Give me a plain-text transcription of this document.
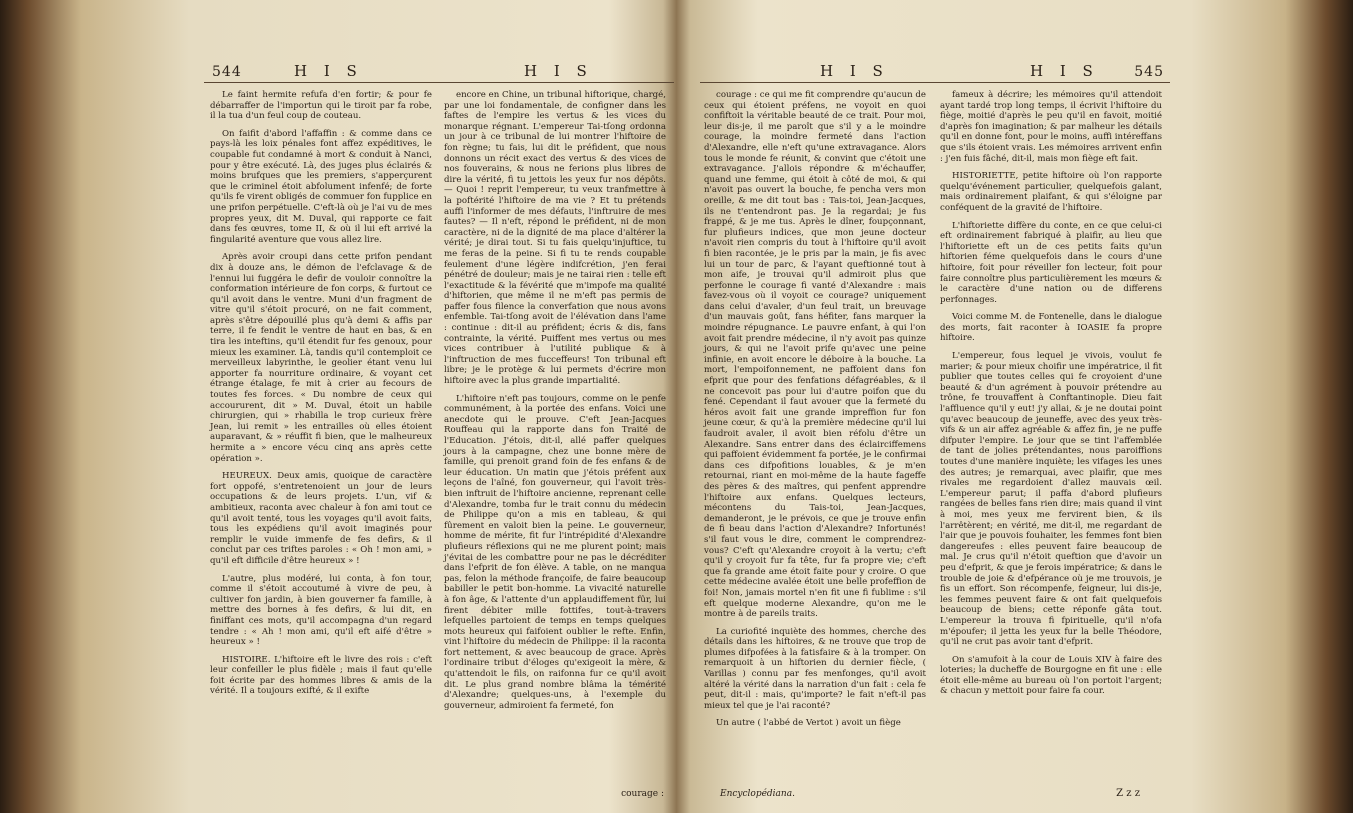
544	H I S	H I S

Le faint hermite refufa d'en fortir; & pour fe débarraffer de l'importun qui le tiroit par fa robe, il la tua d'un feul coup de couteau.

On faifit d'abord l'affaffin : & comme dans ce pays-là les loix pénales font affez expéditives, le coupable fut condamné à mort & conduit à Nanci, pour y être exécuté. Là, des juges plus éclairés & moins brufques que les premiers, s'apperçurent que le criminel étoit abfolument infenfé; de forte qu'ils fe virent obligés de commuer fon fupplice en une prifon perpétuelle. C'eft-là où je l'ai vu de mes propres yeux, dit M. Duval, qui rapporte ce fait dans fes œuvres, tome II, & où il lui eft arrivé la fingularité aventure que vous allez lire.

Après avoir croupi dans cette prifon pendant dix à douze ans, le démon de l'efclavage & de l'ennui lui fuggéra le defir de vouloir connoître la conformation intérieure de fon corps, & furtout ce qu'il avoit dans le ventre. Muni d'un fragment de vitre qu'il s'étoit procuré, on ne fait comment, après s'être dépouillé plus qu'à demi & affis par terre, il fe fendit le ventre de haut en bas, & en tira les inteftins, qu'il étendit fur fes genoux, pour mieux les examiner. Là, tandis qu'il contemploit ce merveilleux labyrinthe, le geolier étant venu lui apporter fa nourriture ordinaire, & voyant cet étrange étalage, fe mit à crier au fecours de toutes fes forces. « Du nombre de ceux qui accoururent, dit » M. Duval, étoit un habile chirurgien, qui » rhabilla le trop curieux frère Jean, lui remit » les entrailles où elles étoient auparavant, & » réuffit fi bien, que le malheureux hermite a » encore vécu cinq ans après cette opération ».

HEUREUX. Deux amis, quoique de caractère fort oppofé, s'entretenoient un jour de leurs occupations & de leurs projets. L'un, vif & ambitieux, raconta avec chaleur à fon ami tout ce qu'il avoit tenté, tous les voyages qu'il avoit faits, tous les expédiens qu'il avoit imaginés pour remplir le vuide immenfe de fes defirs, & il conclut par ces triftes paroles : « Oh ! mon ami, » qu'il eft difficile d'être heureux » !

L'autre, plus modéré, lui conta, à fon tour, comme il s'étoit accoutumé à vivre de peu, à cultiver fon jardin, à bien gouverner fa famille, à mettre des bornes à fes defirs, & lui dit, en finiffant ces mots, qu'il accompagna d'un regard tendre : « Ah ! mon ami, qu'il eft aifé d'être » heureux » !

HISTOIRE. L'hiftoire eft le livre des rois : c'eft leur confeiller le plus fidèle ; mais il faut qu'elle foit écrite par des hommes libres & amis de la vérité. Il a toujours exifté, & il exifte

encore en Chine, un tribunal hiftorique, chargé, par une loi fondamentale, de configner dans les faftes de l'empire les vertus & les vices du monarque régnant. L'empereur Tai-tſong ordonna un jour à ce tribunal de lui montrer l'hiftoire de fon règne; tu fais, lui dit le préfident, que nous donnons un récit exact des vertus & des vices de nos fouverains, & nous ne ferions plus libres de dire la vérité, fi tu jettois les yeux fur nos dépôts. — Quoi ! reprit l'empereur, tu veux tranfmettre à la poftérité l'hiftoire de ma vie ? Et tu prétends auffi l'informer de mes défauts, l'inftruire de mes fautes? — Il n'eft, répond le préfident, ni de mon caractère, ni de la dignité de ma place d'altérer la vérité; je dirai tout. Si tu fais quelqu'injuftice, tu me feras de la peine. Si fi tu te rends coupable feulement d'une légère indifcrétion, j'en ferai pénétré de douleur; mais je ne tairai rien : telle eft l'exactitude & la févérité que m'impofe ma qualité d'hiftorien, que même il ne m'eft pas permis de paffer fous filence la converfation que nous avons enfemble. Tai-tſong avoit de l'élévation dans l'ame : continue : dit-il au préfident; écris & dis, fans contrainte, la vérité. Puiffent mes vertus ou mes vices contribuer à l'utilité publique & à l'inftruction de mes fucceffeurs! Ton tribunal eft libre; je le protège & lui permets d'écrire mon hiftoire avec la plus grande impartialité.

L'hiftoire n'eft pas toujours, comme on le penfe communément, à la portée des enfans. Voici une anecdote qui le prouve. C'eft Jean-Jacques Rouffeau qui la rapporte dans fon Traité de l'Education. J'étois, dit-il, allé paffer quelques jours à la campagne, chez une bonne mère de famille, qui prenoit grand foin de fes enfans & de leur éducation. Un matin que j'étois préfent aux leçons de l'aîné, fon gouverneur, qui l'avoit très-bien inftruit de l'hiftoire ancienne, reprenant celle d'Alexandre, tomba fur le trait connu du médecin de Philippe qu'on a mis en tableau, & qui fûrement en valoit bien la peine. Le gouverneur, homme de mérite, fit fur l'intrépidité d'Alexandre plufieurs réflexions qui ne me plurent point; mais j'évitai de les combattre pour ne pas le décréditer dans l'efprit de fon élève. A table, on ne manqua pas, felon la méthode françoife, de faire beaucoup babiller le petit bon-homme. La vivacité naturelle à fon âge, & l'attente d'un applaudiffement fûr, lui firent débiter mille fottifes, tout-à-travers lefquelles partoient de temps en temps quelques mots heureux qui faifoient oublier le refte. Enfin, vint l'hiftoire du médecin de Philippe: il la raconta fort nettement, & avec beaucoup de grace. Après l'ordinaire tribut d'éloges qu'exigeoit la mère, & qu'attendoit le fils, on raifonna fur ce qu'il avoit dit. Le plus grand nombre blâma la témérité d'Alexandre; quelques-uns, à l'exemple du gouverneur, admiroient fa fermeté, fon

courage :
H I S	H I S	545

courage : ce qui me fit comprendre qu'aucun de ceux qui étoient préfens, ne voyoit en quoi confiftoit la véritable beauté de ce trait. Pour moi, leur dis-je, il me paroît que s'il y a le moindre courage, la moindre fermeté dans l'action d'Alexandre, elle n'eft qu'une extravagance. Alors tous le monde fe réunit, & convint que c'étoit une extravagance. J'allois répondre & m'échauffer, quand une femme, qui étoit à côté de moi, & qui n'avoit pas ouvert la bouche, fe pencha vers mon oreille, & me dit tout bas : Tais-toi, Jean-Jacques, ils ne t'entendront pas. Je la regardai; je fus frappé, & je me tus. Après le dîner, foupçonnant, fur plufieurs indices, que mon jeune docteur n'avoit rien compris du tout à l'hiftoire qu'il avoit fi bien racontée, je le pris par la main, je fis avec lui un tour de parc, & l'ayant queftionné tout à mon aife, je trouvai qu'il admiroit plus que perfonne le courage fi vanté d'Alexandre : mais favez-vous où il voyoit ce courage? uniquement dans celui d'avaler, d'un feul trait, un breuvage d'un mauvais goût, fans héfiter, fans marquer la moindre répugnance. Le pauvre enfant, à qui l'on avoit fait prendre médecine, il n'y avoit pas quinze jours, & qui ne l'avoit prife qu'avec une peine infinie, en avoit encore le déboire à la bouche. La mort, l'empoifonnement, ne paffoient dans fon efprit que pour des fenfations défagréables, & il ne concevoit pas pour lui d'autre poifon que du fené. Cependant il faut avouer que la fermeté du héros avoit fait une grande impreffion fur fon jeune cœur, & qu'à la première médecine qu'il lui faudroit avaler, il avoit bien réfolu d'être un Alexandre. Sans entrer dans des éclairciffemens qui paffoient évidemment fa portée, je le confirmai dans ces difpofitions louables, & je m'en retournai, riant en moi-même de la haute fageffe des pères & des maîtres, qui penfent apprendre l'hiftoire aux enfans. Quelques lecteurs, mécontens du Tais-toi, Jean-Jacques, demanderont, je le prévois, ce que je trouve enfin de fi beau dans l'action d'Alexandre? Infortunés! s'il faut vous le dire, comment le comprendrez-vous? C'eft qu'Alexandre croyoit à la vertu; c'eft qu'il y croyoit fur fa tête, fur fa propre vie; c'eft que fa grande ame étoit faite pour y croire. O que cette médecine avalée étoit une belle profeffion de foi! Non, jamais mortel n'en fit une fi fublime : s'il eft quelque moderne Alexandre, qu'on me le montre à de pareils traits.

La curiofité inquiète des hommes, cherche des détails dans les hiftoires, & ne trouve que trop de plumes difpofées à la fatisfaire & à la tromper. On remarquoit à un hiftorien du dernier fiècle, ( Varillas ) connu par fes menfonges, qu'il avoit altéré la vérité dans la narration d'un fait : cela fe peut, dit-il : mais, qu'importe? le fait n'eft-il pas mieux tel que je l'ai raconté?

Un autre ( l'abbé de Vertot ) avoit un fiège

fameux à décrire; les mémoires qu'il attendoit ayant tardé trop long temps, il écrivit l'hiftoire du fiège, moitié d'après le peu qu'il en favoit, moitié d'après fon imagination; & par malheur les détails qu'il en donne font, pour le moins, auffi intéreffans que s'ils étoient vrais. Les mémoires arrivent enfin : j'en fuis fâché, dit-il, mais mon fiège eft fait.

HISTORIETTE, petite hiftoire où l'on rapporte quelqu'événement particulier, quelquefois galant, mais ordinairement plaifant, & qui s'éloigne par conféquent de la gravité de l'hiftoire.

L'hiftoriette diffère du conte, en ce que celui-ci eft ordinairement fabriqué à plaifir, au lieu que l'hiftoriette eft un de ces petits faits qu'un hiftorien féme quelquefois dans le cours d'une hiftoire, foit pour réveiller fon lecteur, foit pour faire connoître plus particulièrement les mœurs & le caractère d'une nation ou de differens perfonnages.

Voici comme M. de Fontenelle, dans le dialogue des morts, fait raconter à IOASIE fa propre hiftoire.

L'empereur, fous lequel je vivois, voulut fe marier; & pour mieux choifir une impératrice, il fit publier que toutes celles qui fe croyoient d'une beauté & d'un agrément à pouvoir prétendre au trône, fe trouvaffent à Conftantinople. Dieu fait l'affluence qu'il y eut! j'y allai, & je ne doutai point qu'avec beaucoup de jeuneffe, avec des yeux très-vifs & un air affez agréable & affez fin, je ne puffe difputer l'empire. Le jour que se tint l'affemblée de tant de jolies prétendantes, nous paroiffions toutes d'une manière inquiète; les vifages les unes des autres; je remarquai, avec plaifir, que mes rivales me regardoient d'allez mauvais œil. L'empereur parut; il paffa d'abord plufieurs rangées de belles fans rien dire; mais quand il vint à moi, mes yeux me fervirent bien, & ils l'arrêtèrent; en vérité, me dit-il, me regardant de l'air que je pouvois fouhaiter, les femmes font bien dangereufes : elles peuvent faire beaucoup de mal. Je crus qu'il n'étoit queftion que d'avoir un peu d'efprit, & que je ferois impératrice; & dans le trouble de joie & d'efpérance où je me trouvois, je fis un effort. Son récompenfe, feigneur, lui dis-je, les femmes peuvent faire & ont fait quelquefois beaucoup de biens; cette réponfe gâta tout. L'empereur la trouva fi fpirituelle, qu'il n'ofa m'époufer; il jetta les yeux fur la belle Théodore, qu'il ne crut pas avoir tant d'efprit.

On s'amufoit à la cour de Louis XIV à faire des loteries; la ducheffe de Bourgogne en fit une : elle étoit elle-même au bureau où l'on portoit l'argent; & chacun y mettoit pour faire fa cour.

Encyclopédiana.	Z z z
